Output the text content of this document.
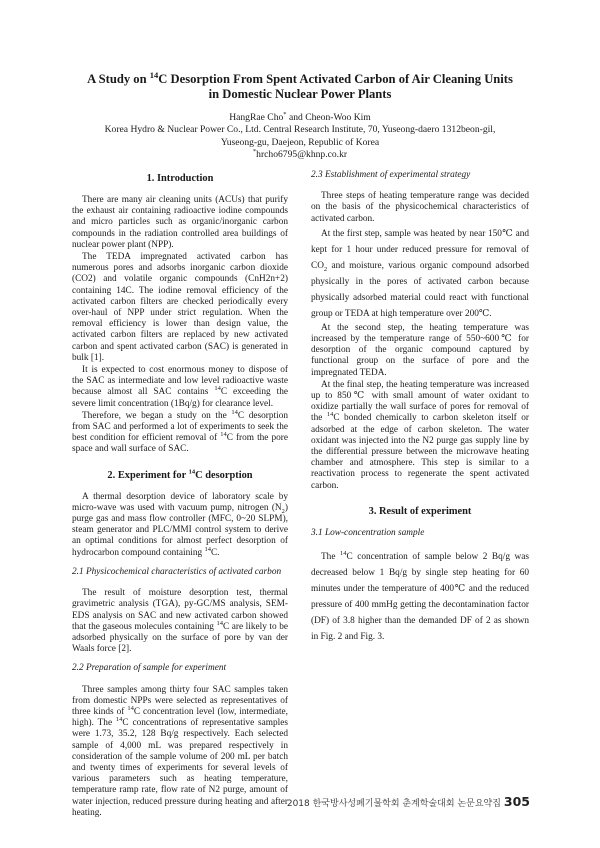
A Study on $^{14}$C Desorption From Spent Activated Carbon of Air Cleaning Units
in Domestic Nuclear Power Plants
HangRae Cho* and Cheon-Woo Kim
Korea Hydro & Nuclear Power Co., Ltd. Central Research Institute, 70, Yuseong-daero 1312beon-gil,
Yuseong-gu, Daejeon, Republic of Korea
*hrcho6795@khnp.co.kr
1. Introduction

There are many air cleaning units (ACUs) that purify the exhaust air containing radioactive iodine compounds and micro particles such as organic/inorganic carbon compounds in the radiation controlled area buildings of nuclear power plant (NPP).

The TEDA impregnated activated carbon has numerous pores and adsorbs inorganic carbon dioxide (CO2) and volatile organic compounds (CnH2n+2) containing 14C. The iodine removal efficiency of the activated carbon filters are checked periodically every over-haul of NPP under strict regulation. When the removal efficiency is lower than design value, the activated carbon filters are replaced by new activated carbon and spent activated carbon (SAC) is generated in bulk [1].

It is expected to cost enormous money to dispose of the SAC as intermediate and low level radioactive waste because almost all SAC contains $^{14}$C exceeding the severe limit concentration (1Bq/g) for clearance level.

Therefore, we began a study on the $^{14}$C desorption from SAC and performed a lot of experiments to seek the best condition for efficient removal of $^{14}$C from the pore space and wall surface of SAC.

2. Experiment for $^{14}$C desorption

A thermal desorption device of laboratory scale by micro-wave was used with vacuum pump, nitrogen $(N_2)$ purge gas and mass flow controller (MFC, 0~20 SLPM), steam generator and PLC/MMI control system to derive an optimal conditions for almost perfect desorption of hydrocarbon compound containing $^{14}$C.

2.1 Physicochemical characteristics of activated carbon

The result of moisture desorption test, thermal gravimetric analysis (TGA), py-GC/MS analysis, SEM-EDS analysis on SAC and new activated carbon showed that the gaseous molecules containing $^{14}$C are likely to be adsorbed physically on the surface of pore by van der Waals force [2].

2.2 Preparation of sample for experiment

Three samples among thirty four SAC samples taken from domestic NPPs were selected as representatives of three kinds of $^{14}$C concentration level (low, intermediate, high). The $^{14}$C concentrations of representative samples were 1.73, 35.2, 128 Bq/g respectively. Each selected sample of 4,000 mL was prepared respectively in consideration of the sample volume of 200 mL per batch and twenty times of experiments for several levels of various parameters such as heating temperature, temperature ramp rate, flow rate of N2 purge, amount of water injection, reduced pressure during heating and after heating.

2.3 Establishment of experimental strategy

Three steps of heating temperature range was decided on the basis of the physicochemical characteristics of activated carbon.

At the first step, sample was heated by near 150℃ and kept for 1 hour under reduced pressure for removal of $CO_2$ and moisture, various organic compound adsorbed physically in the pores of activated carbon because physically adsorbed material could react with functional group or TEDA at high temperature over 200℃.

At the second step, the heating temperature was increased by the temperature range of 550~600℃ for desorption of the organic compound captured by functional group on the surface of pore and the impregnated TEDA.

At the final step, the heating temperature was increased up to 850℃ with small amount of water oxidant to oxidize partially the wall surface of pores for removal of the $^{14}$C bonded chemically to carbon skeleton itself or adsorbed at the edge of carbon skeleton. The water oxidant was injected into the N2 purge gas supply line by the differential pressure between the microwave heating chamber and atmosphere. This step is similar to a reactivation process to regenerate the spent activated carbon.

3. Result of experiment
3.1 Low-concentration sample

The $^{14}$C concentration of sample below 2 Bq/g was decreased below 1 Bq/g by single step heating for 60 minutes under the temperature of 400℃ and the reduced pressure of 400 mmHg getting the decontamination factor (DF) of 3.8 higher than the demanded DF of 2 as shown in Fig. 2 and Fig. 3.

2018 한국방사성폐기물학회 춘계학술대회 논문요약집 305
